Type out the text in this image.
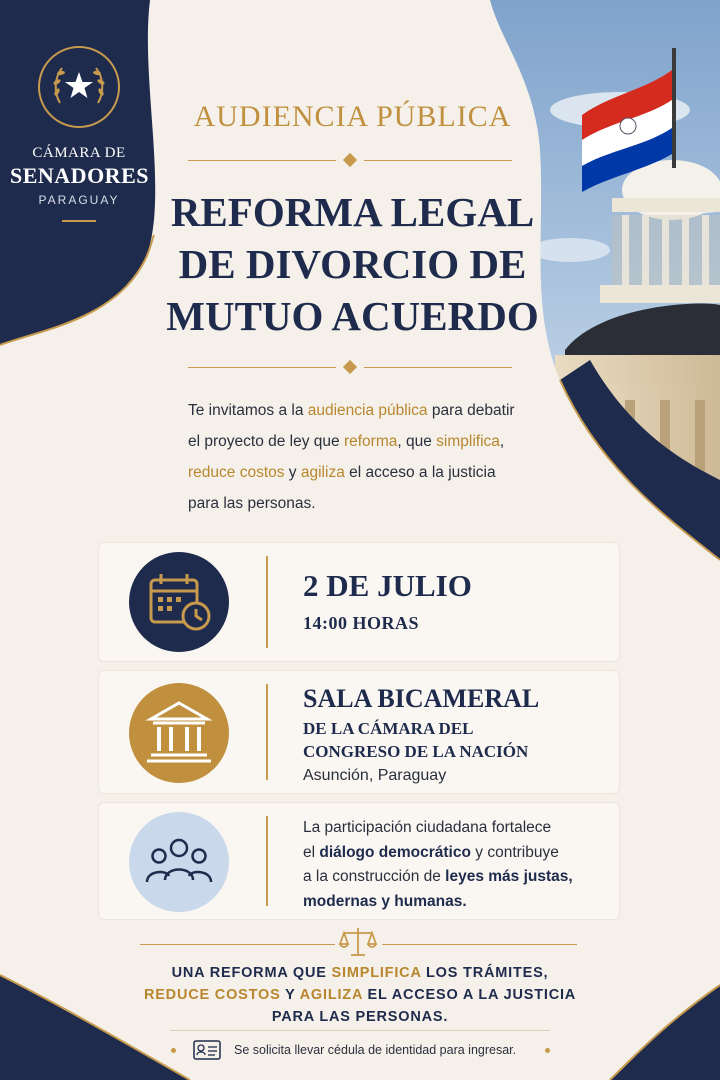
CÁMARA DE
SENADORES
PARAGUAY
AUDIENCIA PÚBLICA
REFORMA LEGAL
DE DIVORCIO DE
MUTUO ACUERDO
Te invitamos a la audiencia pública para debatir
el proyecto de ley que reforma, que simplifica,
reduce costos y agiliza el acceso a la justicia
para las personas.
2 DE JULIO
14:00 HORAS
SALA BICAMERAL
DE LA CÁMARA DEL
CONGRESO DE LA NACIÓN
Asunción, Paraguay
La participación ciudadana fortalece
el diálogo democrático y contribuye
a la construcción de leyes más justas,
modernas y humanas.
UNA REFORMA QUE SIMPLIFICA LOS TRÁMITES,
REDUCE COSTOS Y AGILIZA EL ACCESO A LA JUSTICIA
PARA LAS PERSONAS.
Se solicita llevar cédula de identidad para ingresar.
